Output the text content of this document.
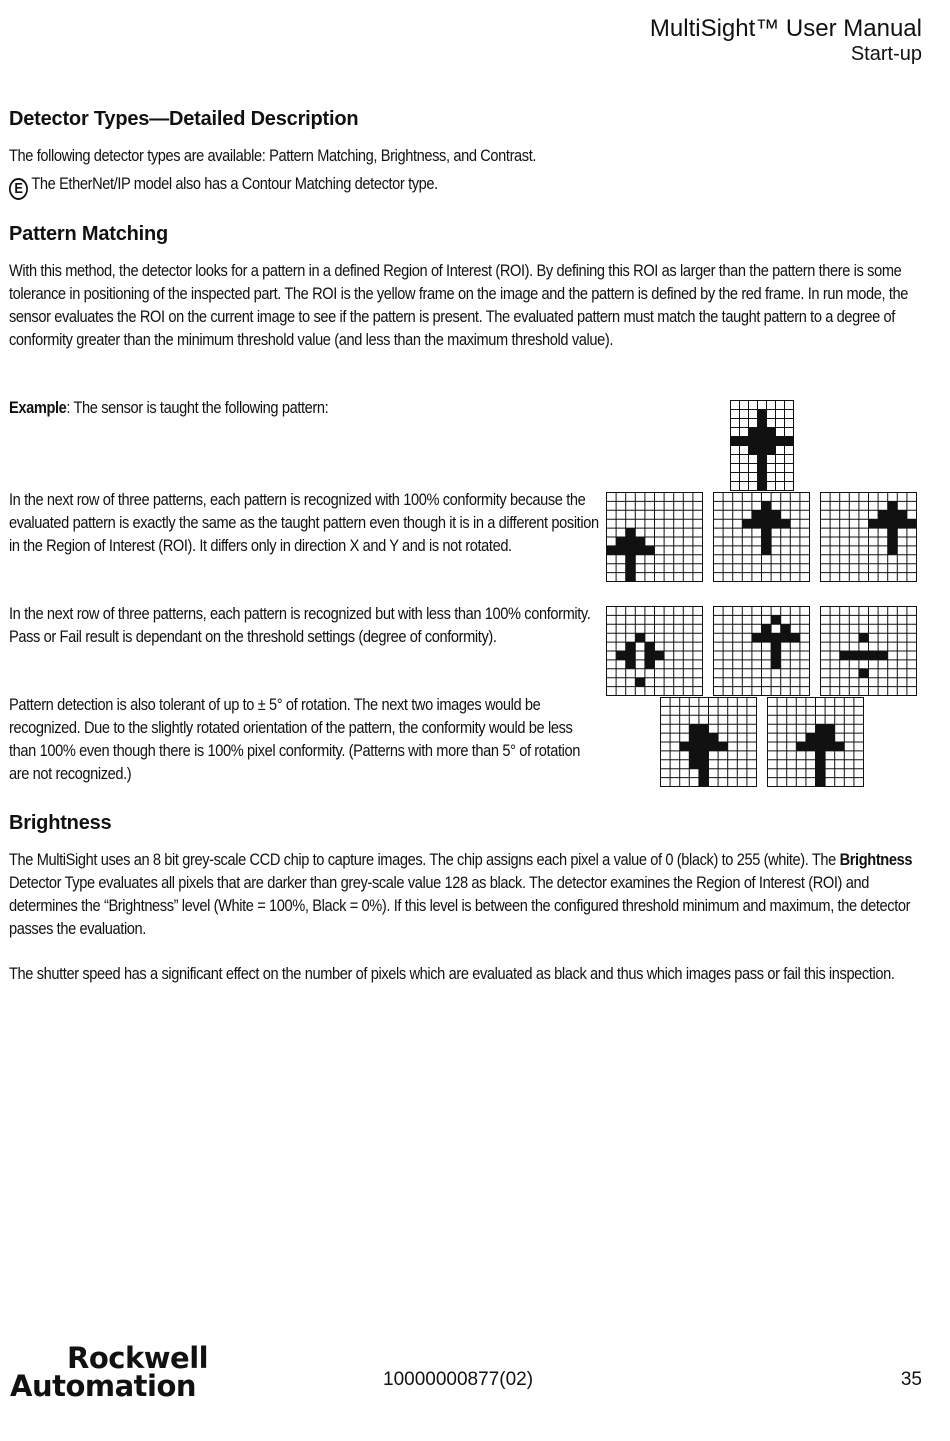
MultiSight™ User Manual
Start-up
Detector Types—Detailed Description

The following detector types are available: Pattern Matching, Brightness, and Contrast.

E The EtherNet/IP model also has a Contour Matching detector type.

Pattern Matching

With this method, the detector looks for a pattern in a defined Region of Interest (ROI). By defining this ROI as larger than the pattern there is some tolerance in positioning of the inspected part. The ROI is the yellow frame on the image and the pattern is defined by the red frame. In run mode, the sensor evaluates the ROI on the current image to see if the pattern is present. The evaluated pattern must match the taught pattern to a degree of conformity greater than the minimum threshold value (and less than the maximum threshold value).

Example: The sensor is taught the following pattern:

In the next row of three patterns, each pattern is recognized with 100% conformity because the evaluated pattern is exactly the same as the taught pattern even though it is in a different position in the Region of Interest (ROI). It differs only in direction X and Y and is not rotated.

In the next row of three patterns, each pattern is recognized but with less than 100% conformity. Pass or Fail result is dependant on the threshold settings (degree of conformity).

Pattern detection is also tolerant of up to ± 5° of rotation. The next two images would be recognized. Due to the slightly rotated orientation of the pattern, the conformity would be less than 100% even though there is 100% pixel conformity. (Patterns with more than 5° of rotation are not recognized.)

Brightness

The MultiSight uses an 8 bit grey-scale CCD chip to capture images. The chip assigns each pixel a value of 0 (black) to 255 (white). The Brightness Detector Type evaluates all pixels that are darker than grey-scale value 128 as black. The detector examines the Region of Interest (ROI) and determines the “Brightness” level (White = 100%, Black = 0%). If this level is between the configured threshold minimum and maximum, the detector passes the evaluation.

The shutter speed has a significant effect on the number of pixels which are evaluated as black and thus which images pass or fail this inspection.

Rockwell
Automation	10000000877(02)	35
